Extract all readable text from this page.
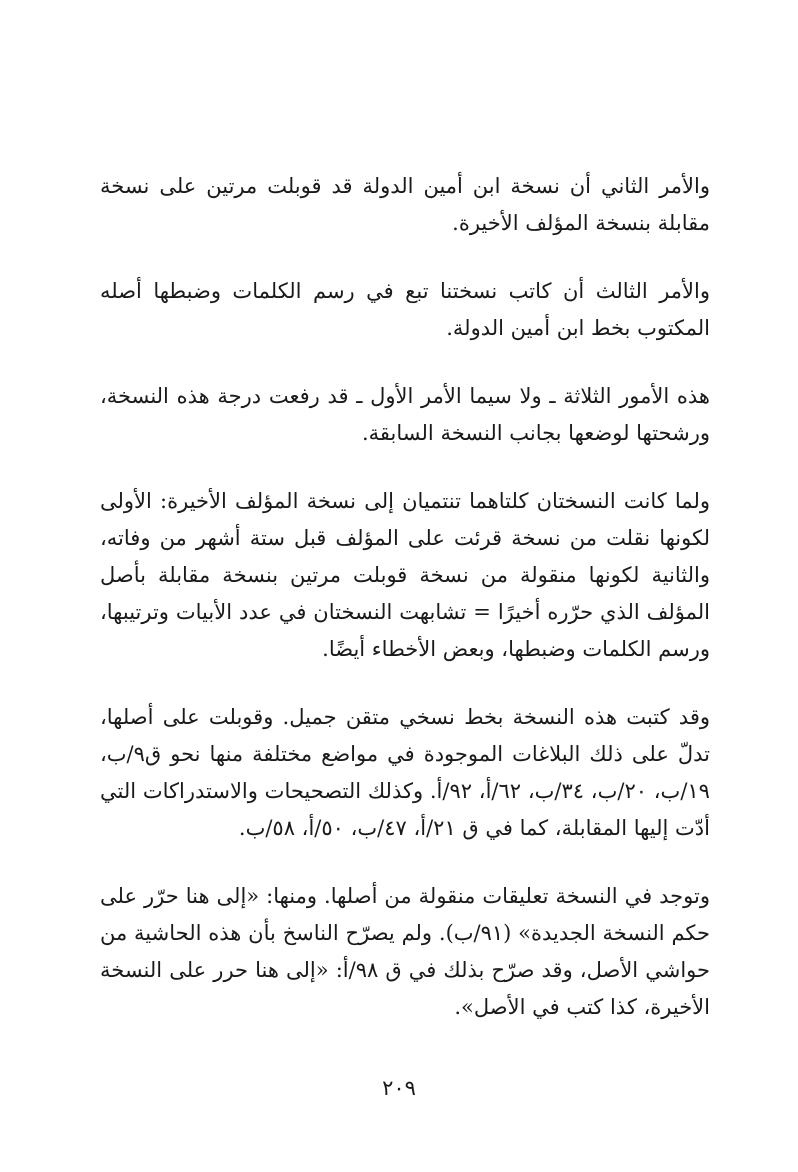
والأمر الثاني أن نسخة ابن أمين الدولة قد قوبلت مرتين على نسخة مقابلة بنسخة المؤلف الأخيرة.

والأمر الثالث أن كاتب نسختنا تبع في رسم الكلمات وضبطها أصله المكتوب بخط ابن أمين الدولة.

هذه الأمور الثلاثة ـ ولا سيما الأمر الأول ـ قد رفعت درجة هذه النسخة، ورشحتها لوضعها بجانب النسخة السابقة.

ولما كانت النسختان كلتاهما تنتميان إلى نسخة المؤلف الأخيرة: الأولى لكونها نقلت من نسخة قرئت على المؤلف قبل ستة أشهر من وفاته، والثانية لكونها منقولة من نسخة قوبلت مرتين بنسخة مقابلة بأصل المؤلف الذي حرّره أخيرًا = تشابهت النسختان في عدد الأبيات وترتيبها، ورسم الكلمات وضبطها، وبعض الأخطاء أيضًا.

وقد كتبت هذه النسخة بخط نسخي متقن جميل. وقوبلت على أصلها، تدلّ على ذلك البلاغات الموجودة في مواضع مختلفة منها نحو ق٩/ب، ١٩/ب، ٢٠/ب، ٣٤/ب، ٦٢/أ، ٩٢/أ. وكذلك التصحيحات والاستدراكات التي أدّت إليها المقابلة، كما في ق ٢١/أ، ٤٧/ب، ٥٠/أ، ٥٨/ب.

وتوجد في النسخة تعليقات منقولة من أصلها. ومنها: «إلى هنا حرّر على حكم النسخة الجديدة» (٩١/ب). ولم يصرّح الناسخ بأن هذه الحاشية من حواشي الأصل، وقد صرّح بذلك في ق ٩٨/أ: «إلى هنا حرر على النسخة الأخيرة، كذا كتب في الأصل».

٢٠٩
